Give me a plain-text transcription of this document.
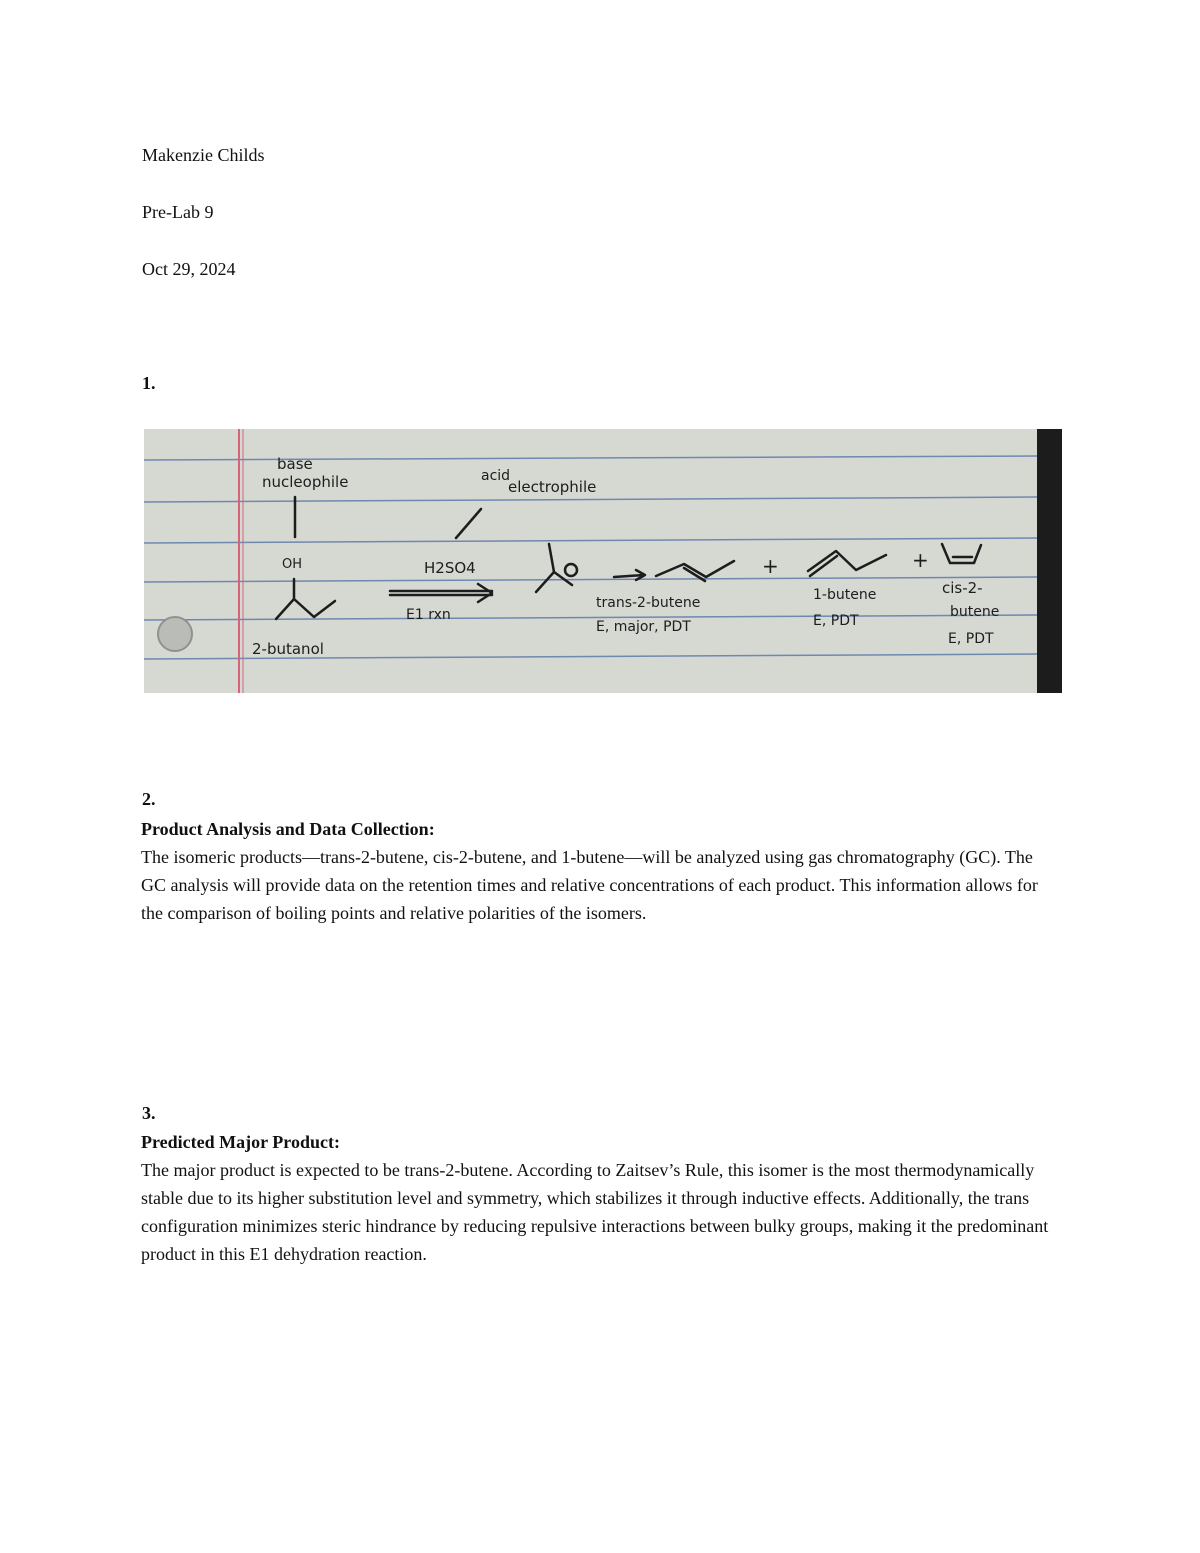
Makenzie Childs

Pre-Lab 9

Oct 29, 2024

1.

base
nucleophile	acid
electrophile
OH	H2SO4
E1 rxn
2-butanol
trans-2-butene
E, major, PDT
+
1-butene
E, PDT
+
cis-2-
butene
E, PDT

2.

Product Analysis and Data Collection:

The isomeric products—trans-2-butene, cis-2-butene, and 1-butene—will be analyzed using gas chromatography (GC). The GC analysis will provide data on the retention times and relative concentrations of each product. This information allows for the comparison of boiling points and relative polarities of the isomers.

3.

Predicted Major Product:

The major product is expected to be trans-2-butene. According to Zaitsev’s Rule, this isomer is the most thermodynamically stable due to its higher substitution level and symmetry, which stabilizes it through inductive effects. Additionally, the trans configuration minimizes steric hindrance by reducing repulsive interactions between bulky groups, making it the predominant product in this E1 dehydration reaction.
